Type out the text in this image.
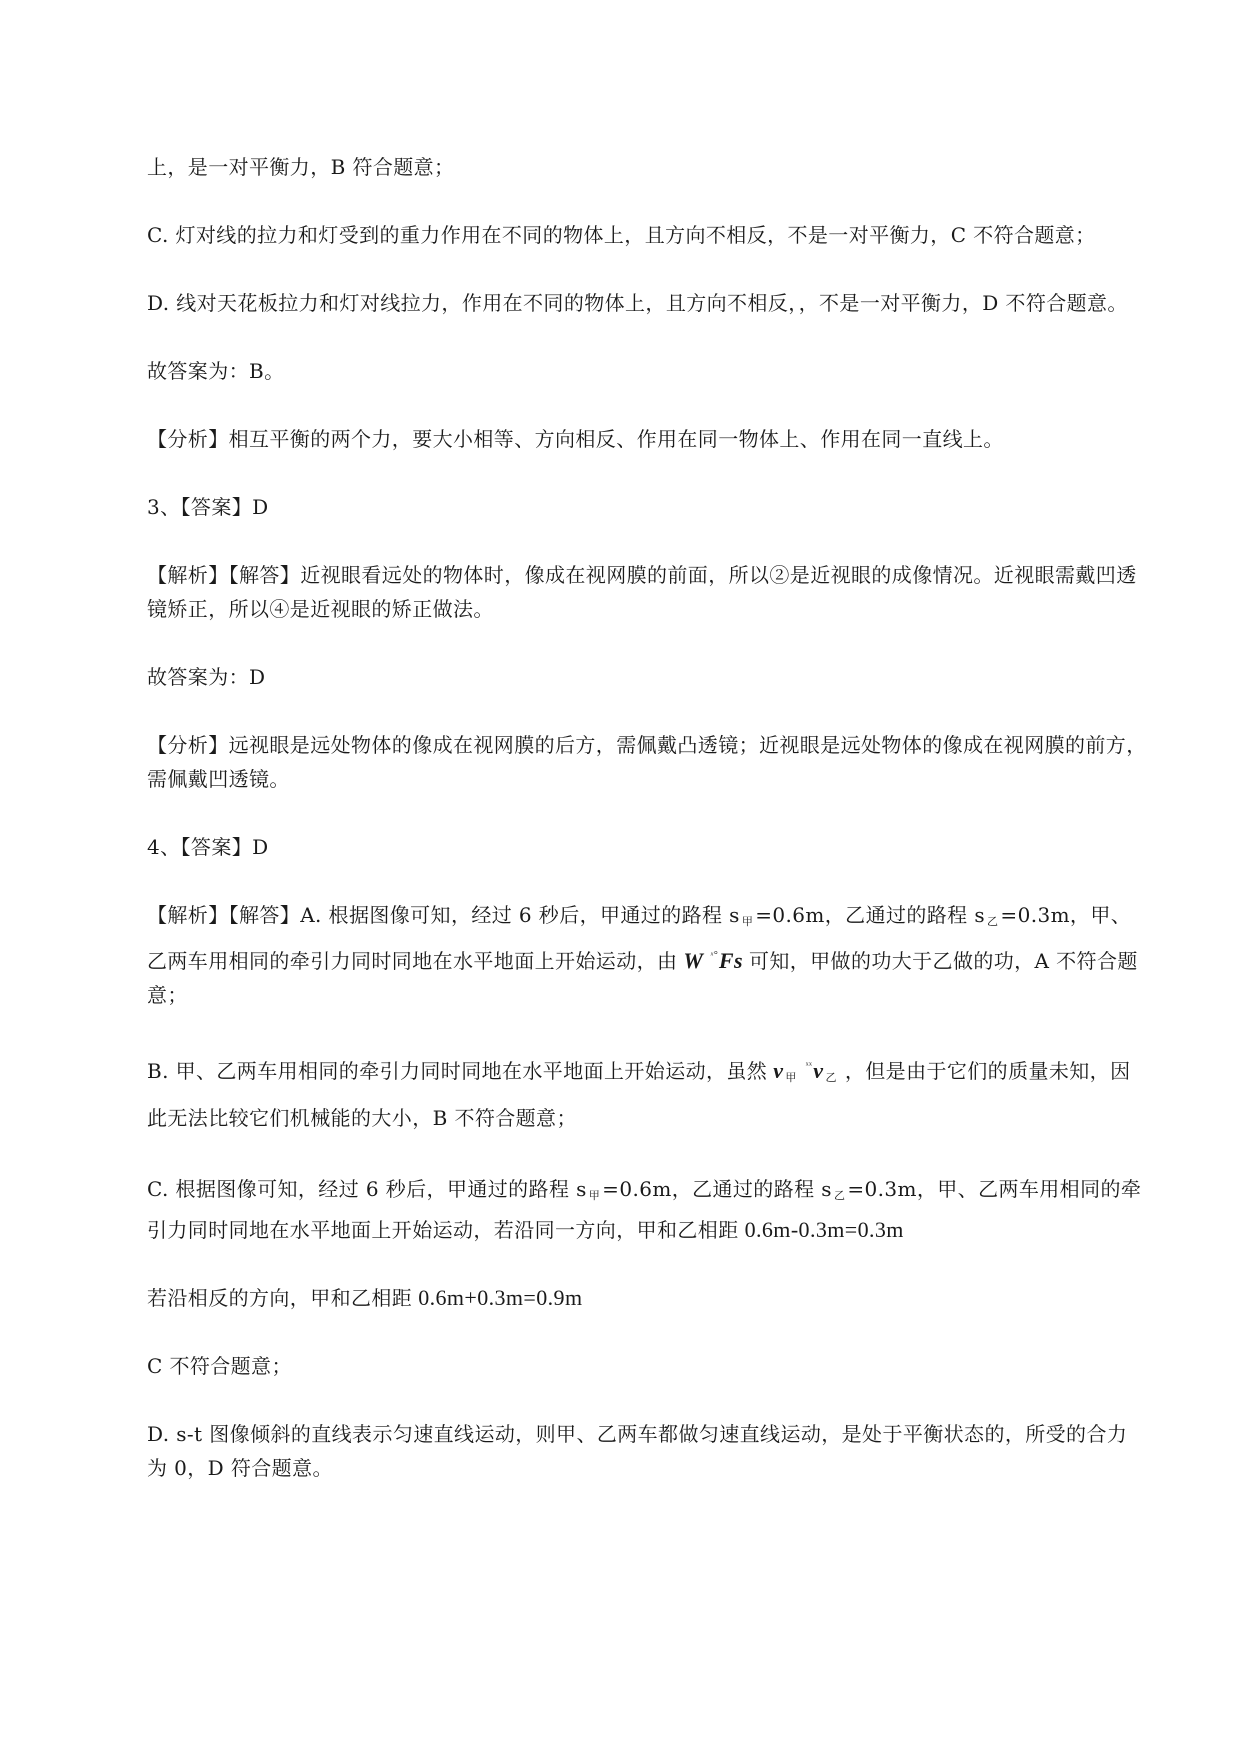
上，是一对平衡力，B 符合题意；

C. 灯对线的拉力和灯受到的重力作用在不同的物体上，且方向不相反，不是一对平衡力，C 不符合题意；

D. 线对天花板拉力和灯对线拉力，作用在不同的物体上，且方向不相反，，不是一对平衡力，D 不符合题意。

故答案为：B。

【分析】相互平衡的两个力，要大小相等、方向相反、作用在同一物体上、作用在同一直线上。

3、【答案】D

【解析】【解答】近视眼看远处的物体时，像成在视网膜的前面，所以②是近视眼的成像情况。近视眼需戴凹透镜矫正，所以④是近视眼的矫正做法。

故答案为：D

【分析】远视眼是远处物体的像成在视网膜的后方，需佩戴凸透镜；近视眼是远处物体的像成在视网膜的前方，需佩戴凹透镜。

4、【答案】D

【解析】【解答】A. 根据图像可知，经过 6 秒后，甲通过的路程 s $_甲$ =0.6m，乙通过的路程 s $_乙$ =0.3m，甲、乙两车用相同的牵引力同时同地在水平地面上开始运动，由 W $^{ˣ^\circ}$Fs 可知，甲做的功大于乙做的功，A 不符合题意；

B. 甲、乙两车用相同的牵引力同时同地在水平地面上开始运动，虽然 v $_甲$ $^{ˣˣ}$v $_乙$ ，但是由于它们的质量未知，因此无法比较它们机械能的大小，B 不符合题意；

C. 根据图像可知，经过 6 秒后，甲通过的路程 s $_甲$ =0.6m，乙通过的路程 s $_乙$ =0.3m，甲、乙两车用相同的牵引力同时同地在水平地面上开始运动，若沿同一方向，甲和乙相距 0.6m-0.3m=0.3m

若沿相反的方向，甲和乙相距 0.6m+0.3m=0.9m

C 不符合题意；

D. s-t 图像倾斜的直线表示匀速直线运动，则甲、乙两车都做匀速直线运动，是处于平衡状态的，所受的合力为 0，D 符合题意。
